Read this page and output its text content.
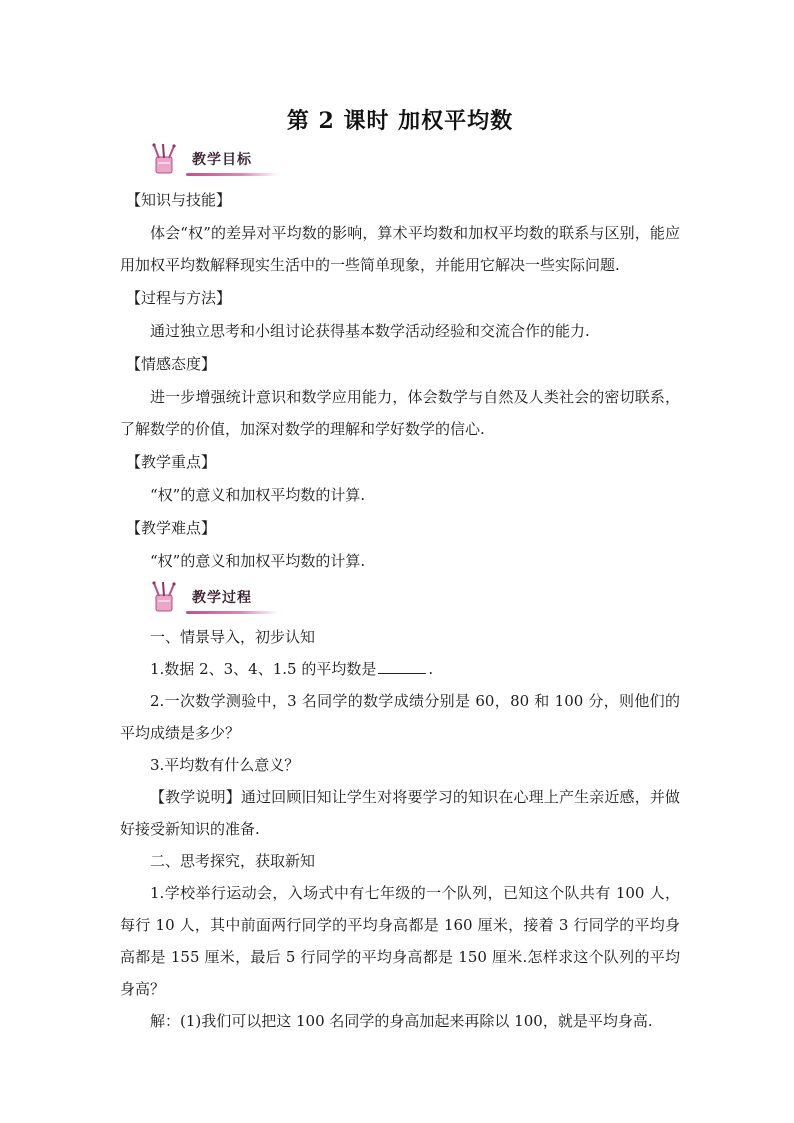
第 2 课时 加权平均数
教学目标

【知识与技能】

体会“权”的差异对平均数的影响，算术平均数和加权平均数的联系与区别，能应用加权平均数解释现实生活中的一些简单现象，并能用它解决一些实际问题.

【过程与方法】

通过独立思考和小组讨论获得基本数学活动经验和交流合作的能力.

【情感态度】

进一步增强统计意识和数学应用能力，体会数学与自然及人类社会的密切联系，了解数学的价值，加深对数学的理解和学好数学的信心.

【教学重点】

“权”的意义和加权平均数的计算.

【教学难点】

“权”的意义和加权平均数的计算.

教学过程

一、情景导入，初步认知

1.数据 2、3、4、1.5 的平均数是	.

2.一次数学测验中，3 名同学的数学成绩分别是 60，80 和 100 分，则他们的平均成绩是多少？

3.平均数有什么意义？

【教学说明】通过回顾旧知让学生对将要学习的知识在心理上产生亲近感，并做好接受新知识的准备.

二、思考探究，获取新知

1.学校举行运动会，入场式中有七年级的一个队列，已知这个队共有 100 人，每行 10 人，其中前面两行同学的平均身高都是 160 厘米，接着 3 行同学的平均身高都是 155 厘米，最后 5 行同学的平均身高都是 150 厘米.怎样求这个队列的平均身高？

解：(1)我们可以把这 100 名同学的身高加起来再除以 100，就是平均身高.
